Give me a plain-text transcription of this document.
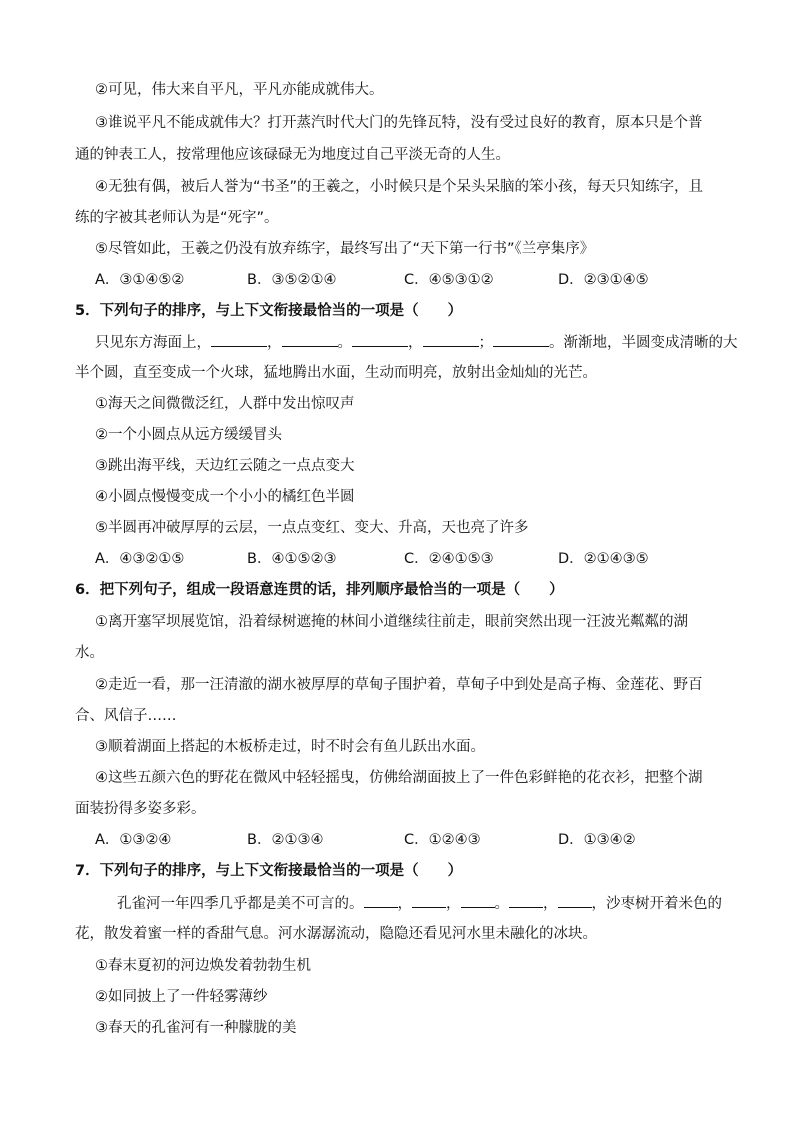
②可见，伟大来自平凡，平凡亦能成就伟大。
③谁说平凡不能成就伟大？打开蒸汽时代大门的先锋瓦特，没有受过良好的教育，原本只是个普
通的钟表工人，按常理他应该碌碌无为地度过自己平淡无奇的人生。
④无独有偶，被后人誉为“书圣”的王羲之，小时候只是个呆头呆脑的笨小孩，每天只知练字，且
练的字被其老师认为是“死字”。
⑤尽管如此，王羲之仍没有放弃练字，最终写出了“天下第一行书”《兰亭集序》
A．③①④⑤②	B．③⑤②①④	C．④⑤③①②	D．②③①④⑤
5．下列句子的排序，与上下文衔接最恰当的一项是（　　）
只见东方海面上，	，	。	，	；	。渐渐地，半圆变成清晰的大
半个圆，直至变成一个火球，猛地腾出水面，生动而明亮，放射出金灿灿的光芒。
①海天之间微微泛红，人群中发出惊叹声
②一个小圆点从远方缓缓冒头
③跳出海平线，天边红云随之一点点变大
④小圆点慢慢变成一个小小的橘红色半圆
⑤半圆再冲破厚厚的云层，一点点变红、变大、升高，天也亮了许多
A．④③②①⑤	B．④①⑤②③	C．②④①⑤③	D．②①④③⑤
6．把下列句子，组成一段语意连贯的话，排列顺序最恰当的一项是（　　）
①离开塞罕坝展览馆，沿着绿树遮掩的林间小道继续往前走，眼前突然出现一汪波光粼粼的湖
水。
②走近一看，那一汪清澈的湖水被厚厚的草甸子围护着，草甸子中到处是高子梅、金莲花、野百
合、风信子……
③顺着湖面上搭起的木板桥走过，时不时会有鱼儿跃出水面。
④这些五颜六色的野花在微风中轻轻摇曳，仿佛给湖面披上了一件色彩鲜艳的花衣衫，把整个湖
面装扮得多姿多彩。
A．①③②④	B．②①③④	C．①②④③	D．①③④②
7．下列句子的排序，与上下文衔接最恰当的一项是（　　）
孔雀河一年四季几乎都是美不可言的。 ， ， 。 ， ，沙枣树开着米色的
花，散发着蜜一样的香甜气息。河水潺潺流动，隐隐还看见河水里未融化的冰块。
①春末夏初的河边焕发着勃勃生机
②如同披上了一件轻雾薄纱
③春天的孔雀河有一种朦胧的美
